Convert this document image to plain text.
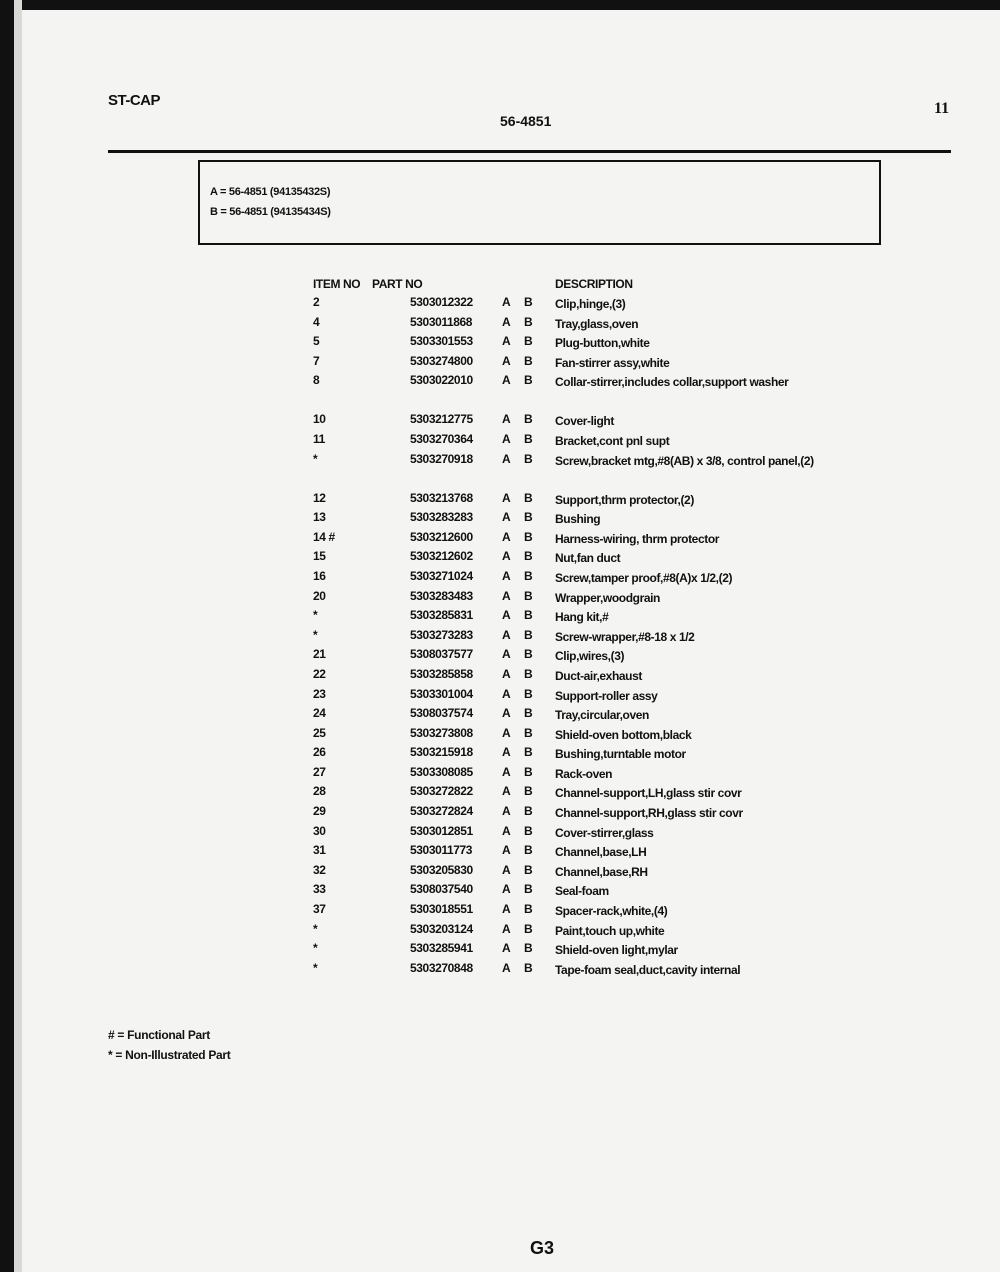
ST-CAP
56-4851
11
A = 56-4851 (94135432S)
B = 56-4851 (94135434S)
ITEM NO PART NO	DESCRIPTION
2	5303012322 A B Clip,hinge,(3)
4	5303011868 A B Tray,glass,oven
5	5303301553 A B Plug-button,white
7	5303274800 A B Fan-stirrer assy,white
8	5303022010 A B Collar-stirrer,includes collar,support washer
10	5303212775 A B Cover-light
11	5303270364 A B Bracket,cont pnl supt
*	5303270918 A B Screw,bracket mtg,#8(AB) x 3/8, control panel,(2)
12	5303213768 A B Support,thrm protector,(2)
13	5303283283 A B Bushing
14 #	5303212600 A B Harness-wiring, thrm protector
15	5303212602 A B Nut,fan duct
16	5303271024 A B Screw,tamper proof,#8(A)x 1/2,(2)
20	5303283483 A B Wrapper,woodgrain
*	5303285831 A B Hang kit,#
*	5303273283 A B Screw-wrapper,#8-18 x 1/2
21	5308037577 A B Clip,wires,(3)
22	5303285858 A B Duct-air,exhaust
23	5303301004 A B Support-roller assy
24	5308037574 A B Tray,circular,oven
25	5303273808 A B Shield-oven bottom,black
26	5303215918 A B Bushing,turntable motor
27	5303308085 A B Rack-oven
28	5303272822 A B Channel-support,LH,glass stir covr
29	5303272824 A B Channel-support,RH,glass stir covr
30	5303012851 A B Cover-stirrer,glass
31	5303011773 A B Channel,base,LH
32	5303205830 A B Channel,base,RH
33	5308037540 A B Seal-foam
37	5303018551 A B Spacer-rack,white,(4)
*	5303203124 A B Paint,touch up,white
*	5303285941 A B Shield-oven light,mylar
*	5303270848 A B Tape-foam seal,duct,cavity internal
# = Functional Part
* = Non-Illustrated Part
G3
